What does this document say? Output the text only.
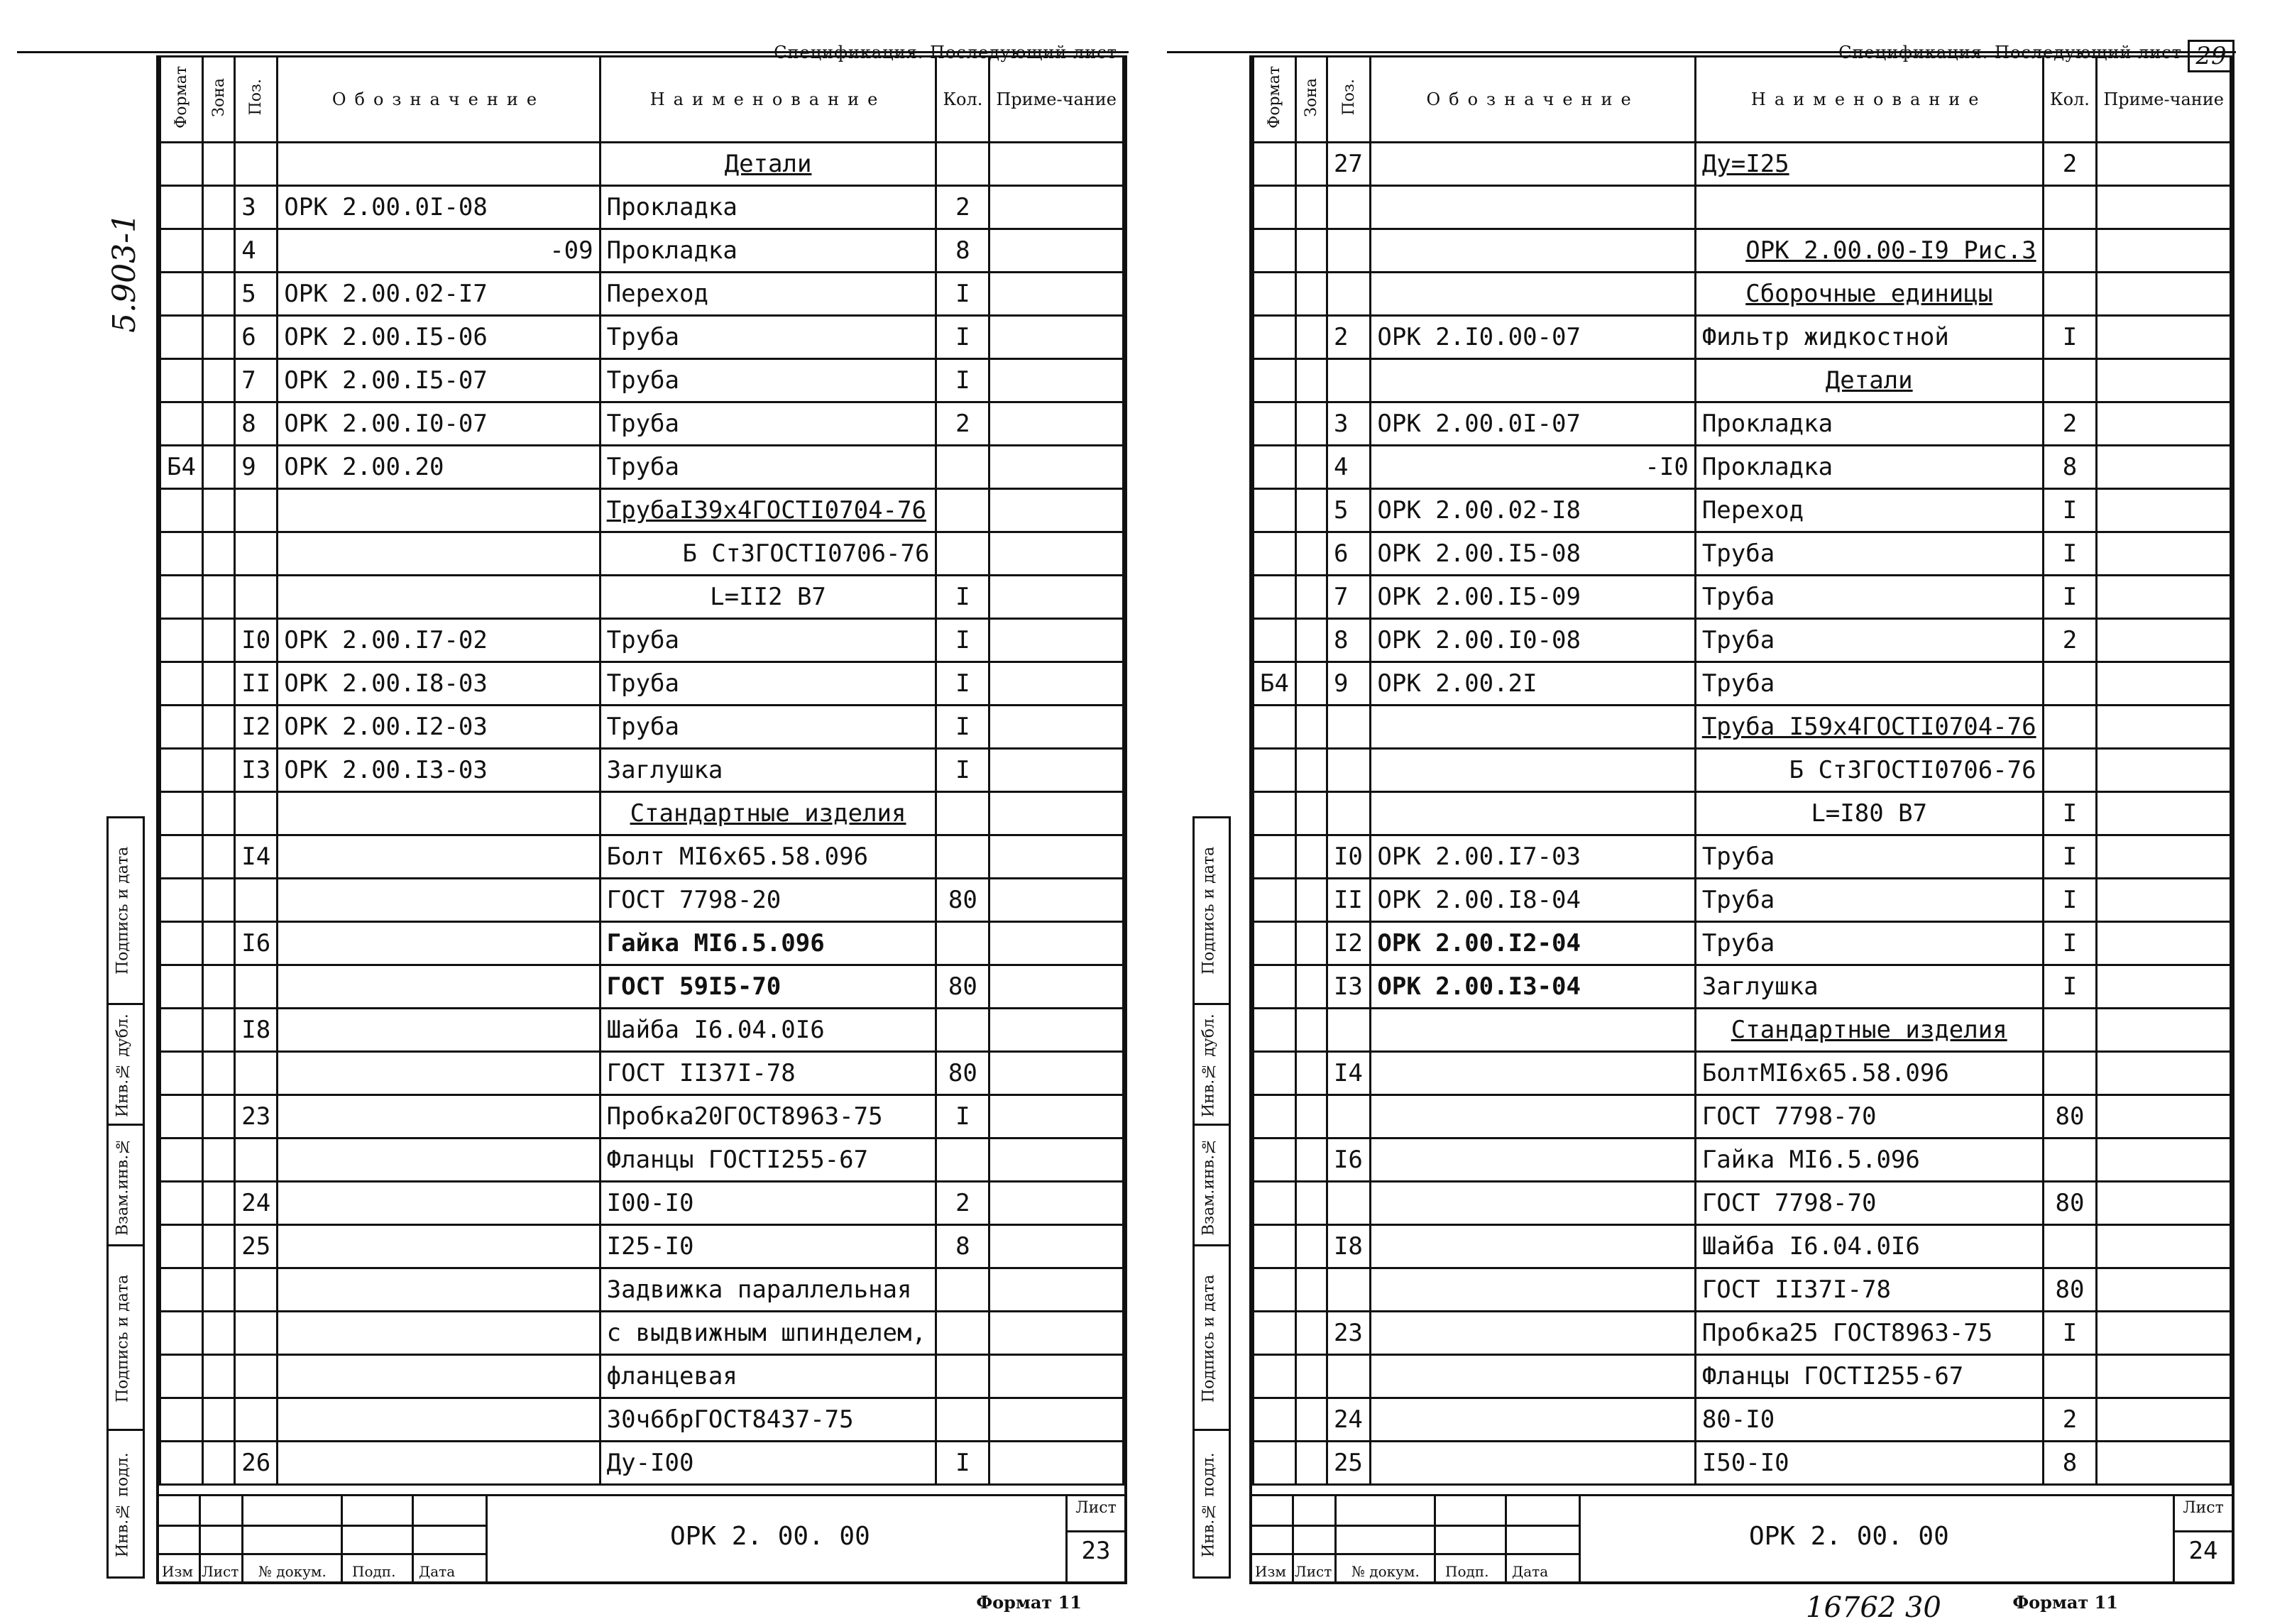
Спецификация. Последующий лист
Формат	Зона	Поз.	Обозначение	Наименование	Кол.	Приме-чание
				Детали		
		3	ОРК 2.00.0I-08	Прокладка	2	
		4	-09	Прокладка	8	
		5	ОРК 2.00.02-I7	Переход	I	
		6	ОРК 2.00.I5-06	Труба	I	
		7	ОРК 2.00.I5-07	Труба	I	
		8	ОРК 2.00.I0-07	Труба	2	
Б4		9	ОРК 2.00.20	Труба		
				ТрубаI39х4ГОСТI0704-76		
				Б Ст3ГОСТI0706-76		
				L=II2 В7	I	
		I0	ОРК 2.00.I7-02	Труба	I	
		II	ОРК 2.00.I8-03	Труба	I	
		I2	ОРК 2.00.I2-03	Труба	I	
		I3	ОРК 2.00.I3-03	Заглушка	I	
				Стандартные изделия		
		I4		Болт МI6х65.58.096		
				ГОСТ 7798-20	80	
		I6		Гайка МI6.5.096		
				ГОСТ 59I5-70	80	
		I8		Шайба I6.04.0I6		
				ГОСТ II37I-78	80	
		23		Пробка20ГОСТ8963-75	I	
				Фланцы ГОСТI255-67		
		24		I00-I0	2	
		25		I25-I0	8	
				Задвижка параллельная		
				с выдвижным шпинделем,		
				фланцевая		
				30ч6брГОСТ8437-75		
		26		Ду-I00	I	
Изм Лист № докум. Подп. Дата
ОРК 2. 00. 00
Лист
23
Формат 11
5.903-1
Подпись и дата
Инв.№ дубл.
Взам.инв.№
Подпись и дата
Инв.№ подл.
Спецификация. Последующий лист 29
Формат	Зона	Поз.	Обозначение	Наименование	Кол.	Приме-чание
		27		Ду=I25	2	

				ОРК 2.00.00-I9 Рис.3		
				Сборочные единицы		
		2	ОРК 2.I0.00-07	Фильтр жидкостной	I	
				Детали		
		3	ОРК 2.00.0I-07	Прокладка	2	
		4	-I0	Прокладка	8	
		5	ОРК 2.00.02-I8	Переход	I	
		6	ОРК 2.00.I5-08	Труба	I	
		7	ОРК 2.00.I5-09	Труба	I	
		8	ОРК 2.00.I0-08	Труба	2	
Б4		9	ОРК 2.00.2I	Труба		
				Труба I59х4ГОСТI0704-76		
				Б Ст3ГОСТI0706-76		
				L=I80 В7	I	
		I0	ОРК 2.00.I7-03	Труба	I	
		II	ОРК 2.00.I8-04	Труба	I	
		I2	ОРК 2.00.I2-04	Труба	I	
		I3	ОРК 2.00.I3-04	Заглушка	I	
				Стандартные изделия		
		I4		БолтМI6х65.58.096		
				ГОСТ 7798-70	80	
		I6		Гайка МI6.5.096		
				ГОСТ 7798-70	80	
		I8		Шайба I6.04.0I6		
				ГОСТ II37I-78	80	
		23		Пробка25 ГОСТ8963-75	I	
				Фланцы ГОСТI255-67		
		24		80-I0	2	
		25		I50-I0	8	
Изм Лист № докум. Подп. Дата
ОРК 2. 00. 00
Лист
24
Формат 11
16762 30
Подпись и дата
Инв.№ дубл.
Взам.инв.№
Подпись и дата
Инв.№ подл.
